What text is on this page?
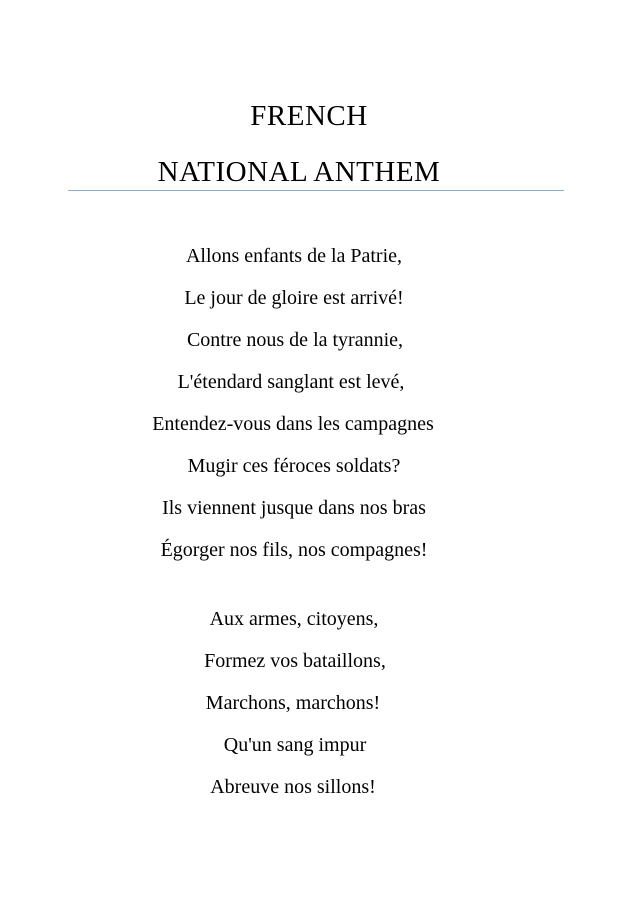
FRENCH
NATIONAL ANTHEM
Allons enfants de la Patrie,
Le jour de gloire est arrivé!
Contre nous de la tyrannie,
L'étendard sanglant est levé,
Entendez-vous dans les campagnes
Mugir ces féroces soldats?
Ils viennent jusque dans nos bras
Égorger nos fils, nos compagnes!
Aux armes, citoyens,
Formez vos bataillons,
Marchons, marchons!
Qu'un sang impur
Abreuve nos sillons!
